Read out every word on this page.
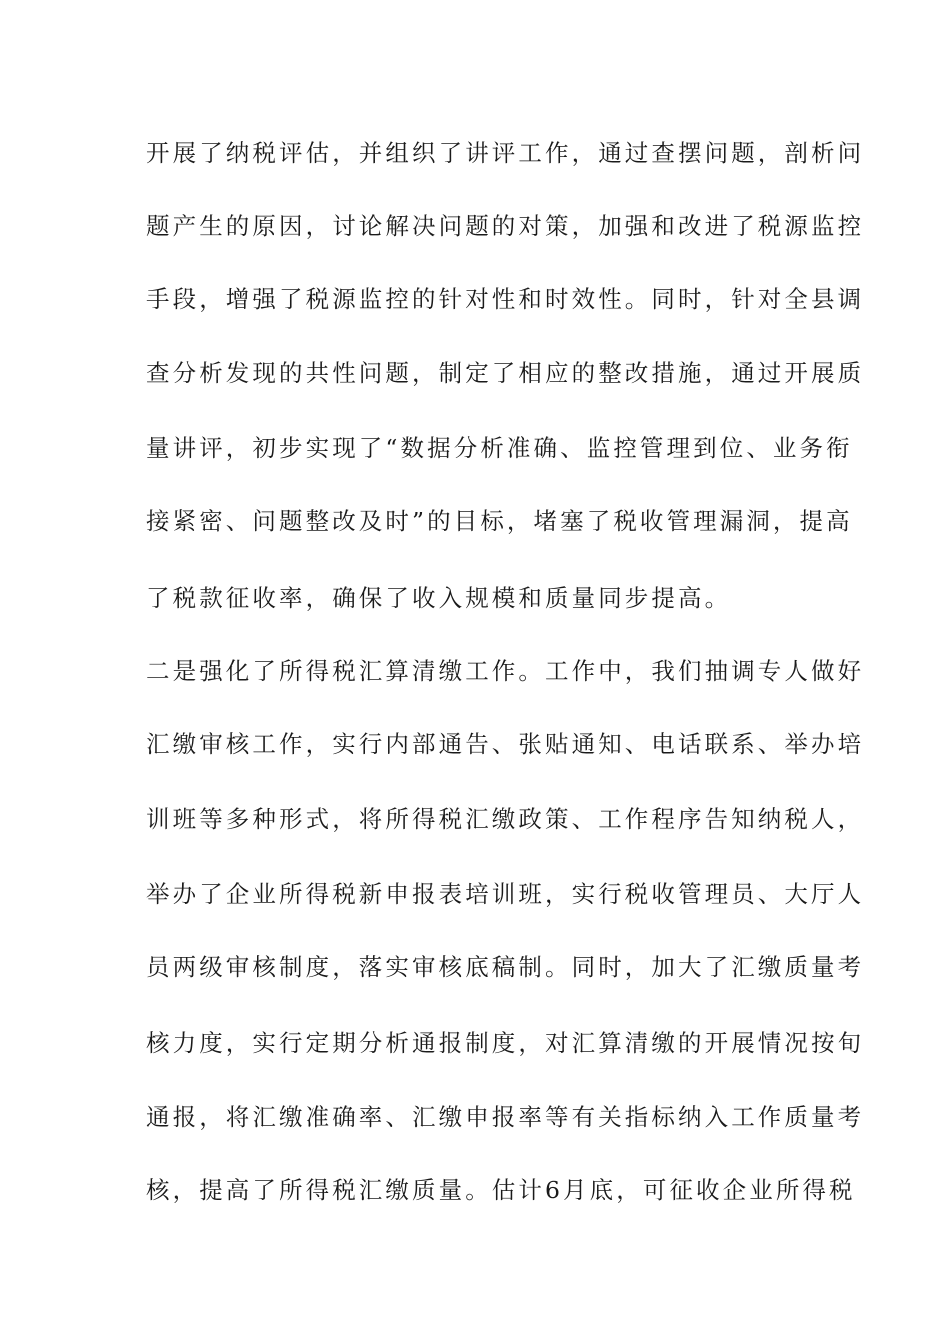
开展了纳税评估，并组织了讲评工作，通过查摆问题，剖析问
题产生的原因，讨论解决问题的对策，加强和改进了税源监控
手段，增强了税源监控的针对性和时效性。同时，针对全县调
查分析发现的共性问题，制定了相应的整改措施，通过开展质
量讲评，初步实现了“数据分析准确、监控管理到位、业务衔
接紧密、问题整改及时”的目标，堵塞了税收管理漏洞，提高
了税款征收率，确保了收入规模和质量同步提高。
二是强化了所得税汇算清缴工作。工作中，我们抽调专人做好
汇缴审核工作，实行内部通告、张贴通知、电话联系、举办培
训班等多种形式，将所得税汇缴政策、工作程序告知纳税人，
举办了企业所得税新申报表培训班，实行税收管理员、大厅人
员两级审核制度，落实审核底稿制。同时，加大了汇缴质量考
核力度，实行定期分析通报制度，对汇算清缴的开展情况按旬
通报，将汇缴准确率、汇缴申报率等有关指标纳入工作质量考
核，提高了所得税汇缴质量。估计6月底，可征收企业所得税
